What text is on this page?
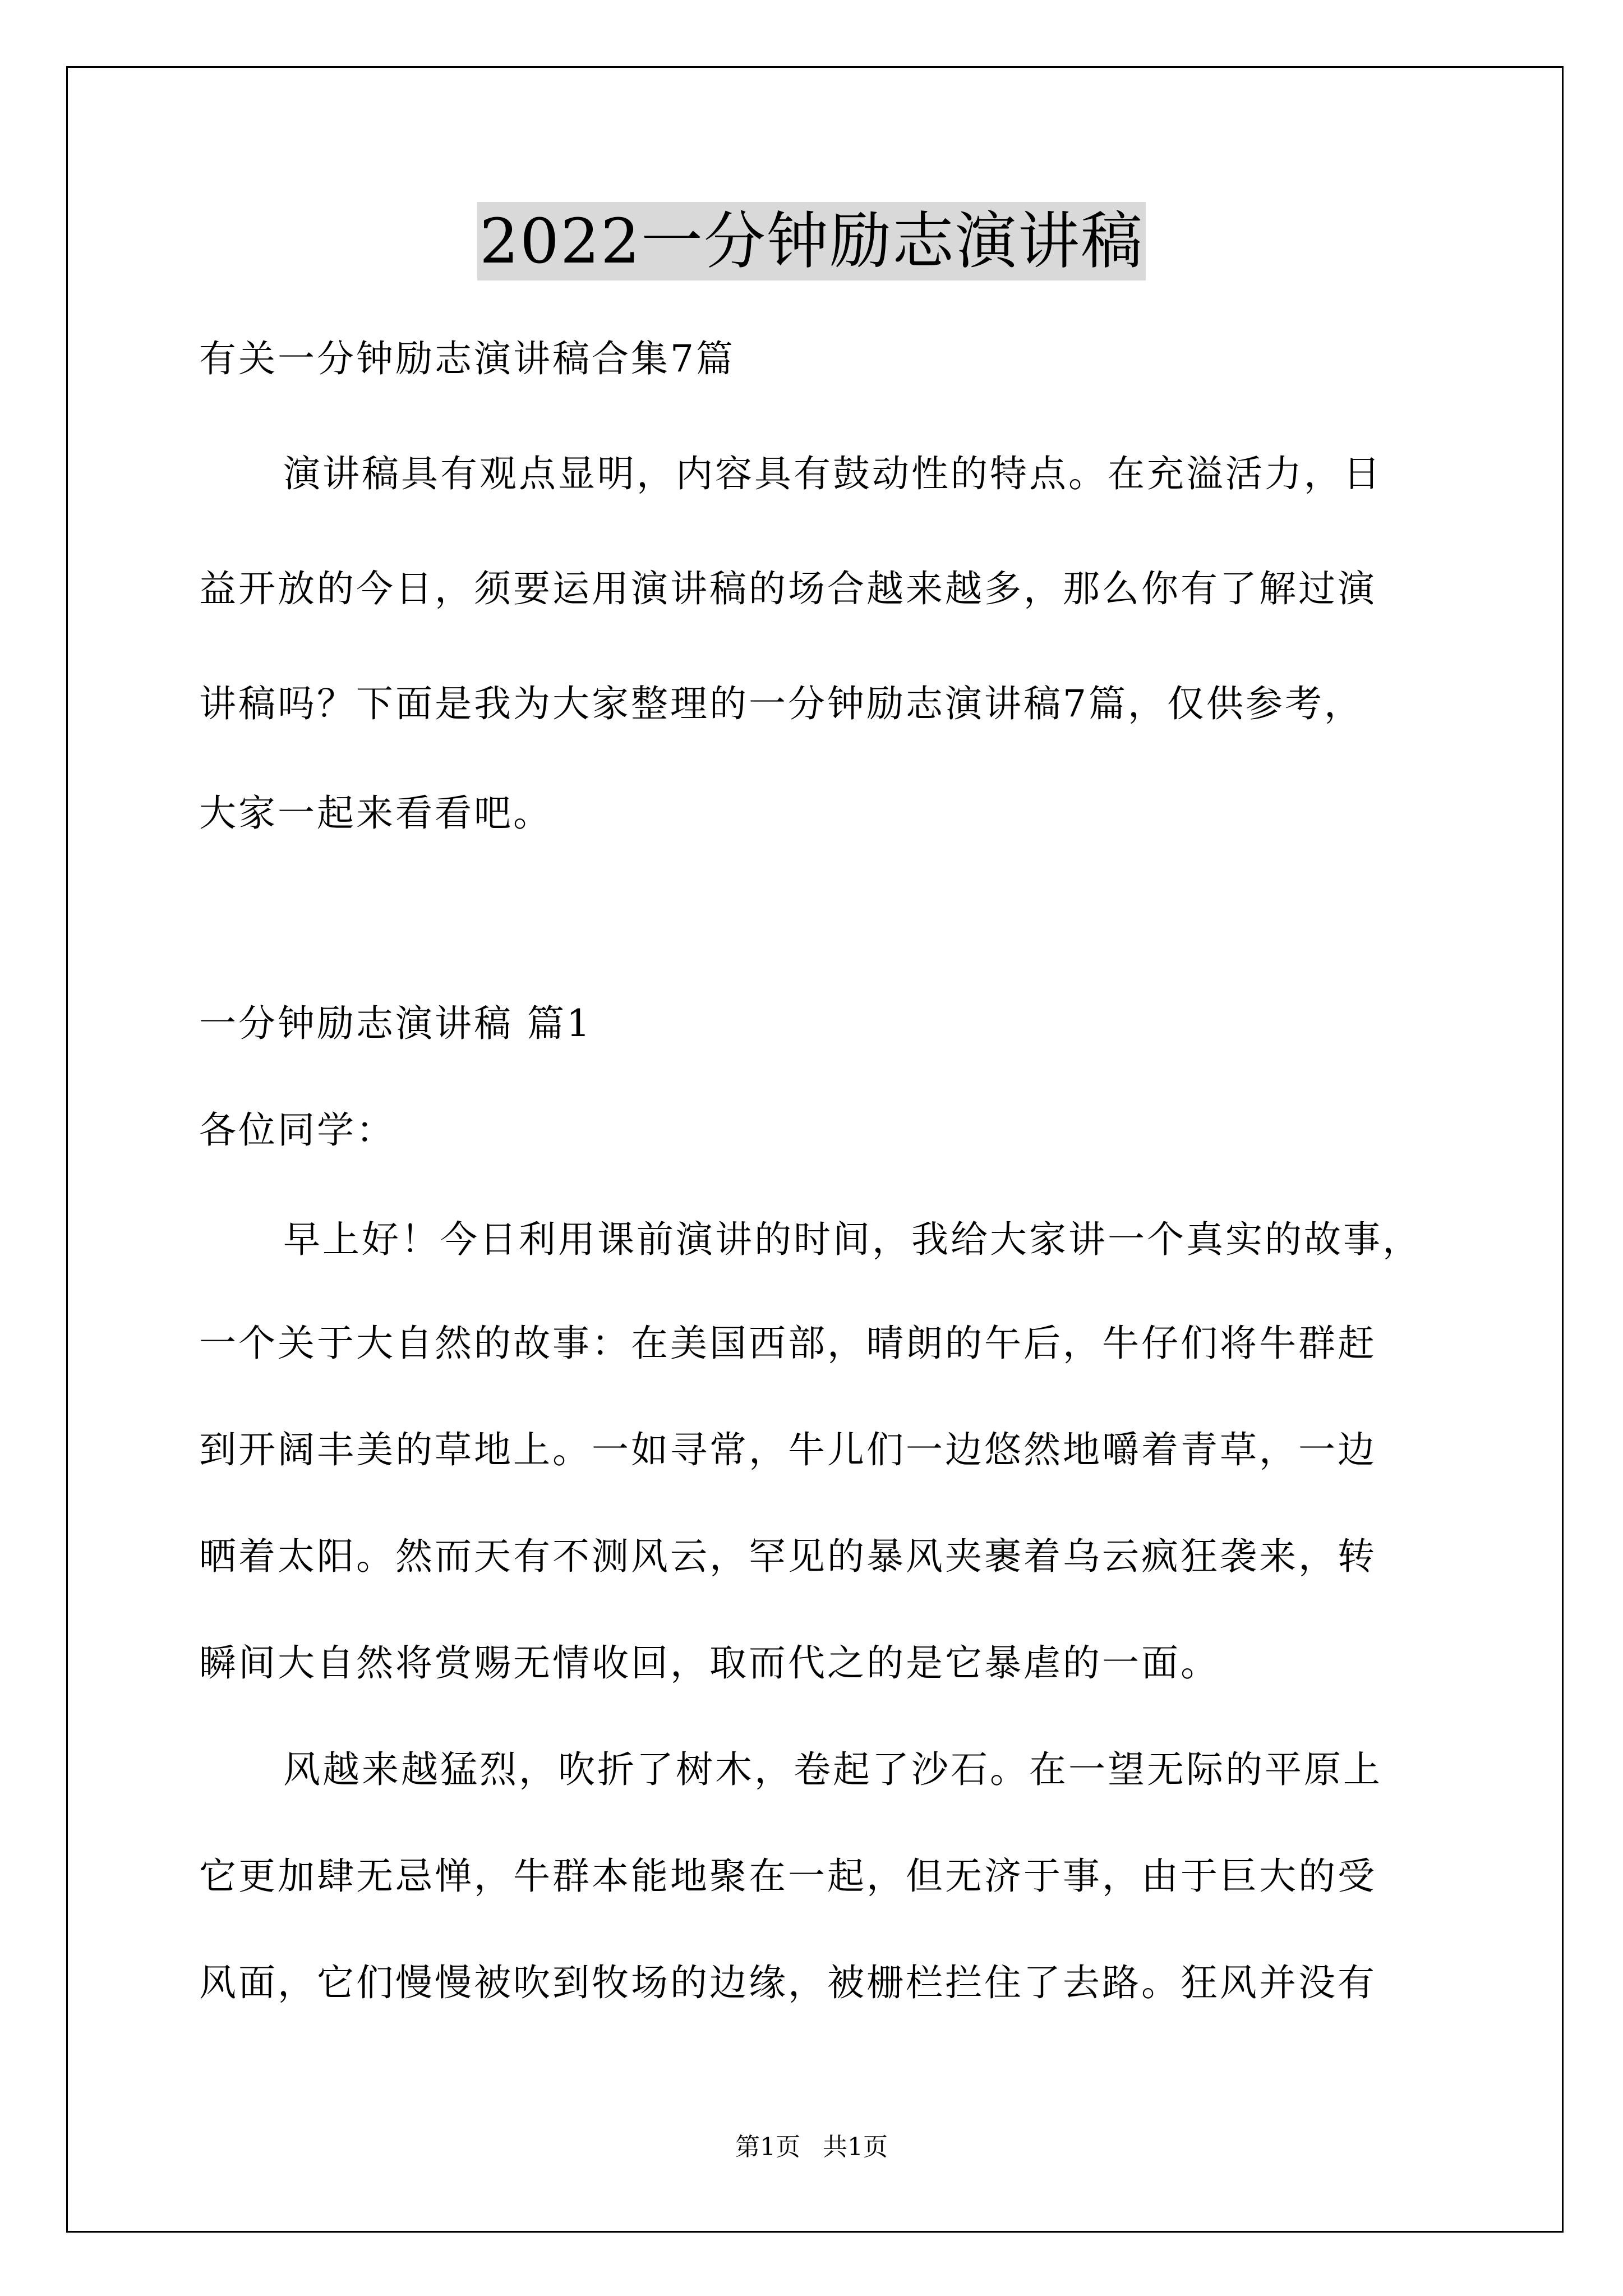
2022一分钟励志演讲稿
有关一分钟励志演讲稿合集7篇
演讲稿具有观点显明，内容具有鼓动性的特点。在充溢活力，日
益开放的今日，须要运用演讲稿的场合越来越多，那么你有了解过演
讲稿吗？下面是我为大家整理的一分钟励志演讲稿7篇，仅供参考，
大家一起来看看吧。
一分钟励志演讲稿 篇1
各位同学：
早上好！今日利用课前演讲的时间，我给大家讲一个真实的故事，
一个关于大自然的故事：在美国西部，晴朗的午后，牛仔们将牛群赶
到开阔丰美的草地上。一如寻常，牛儿们一边悠然地嚼着青草，一边
晒着太阳。然而天有不测风云，罕见的暴风夹裹着乌云疯狂袭来，转
瞬间大自然将赏赐无情收回，取而代之的是它暴虐的一面。
风越来越猛烈，吹折了树木，卷起了沙石。在一望无际的平原上
它更加肆无忌惮，牛群本能地聚在一起，但无济于事，由于巨大的受
风面，它们慢慢被吹到牧场的边缘，被栅栏拦住了去路。狂风并没有
第1页 共1页
